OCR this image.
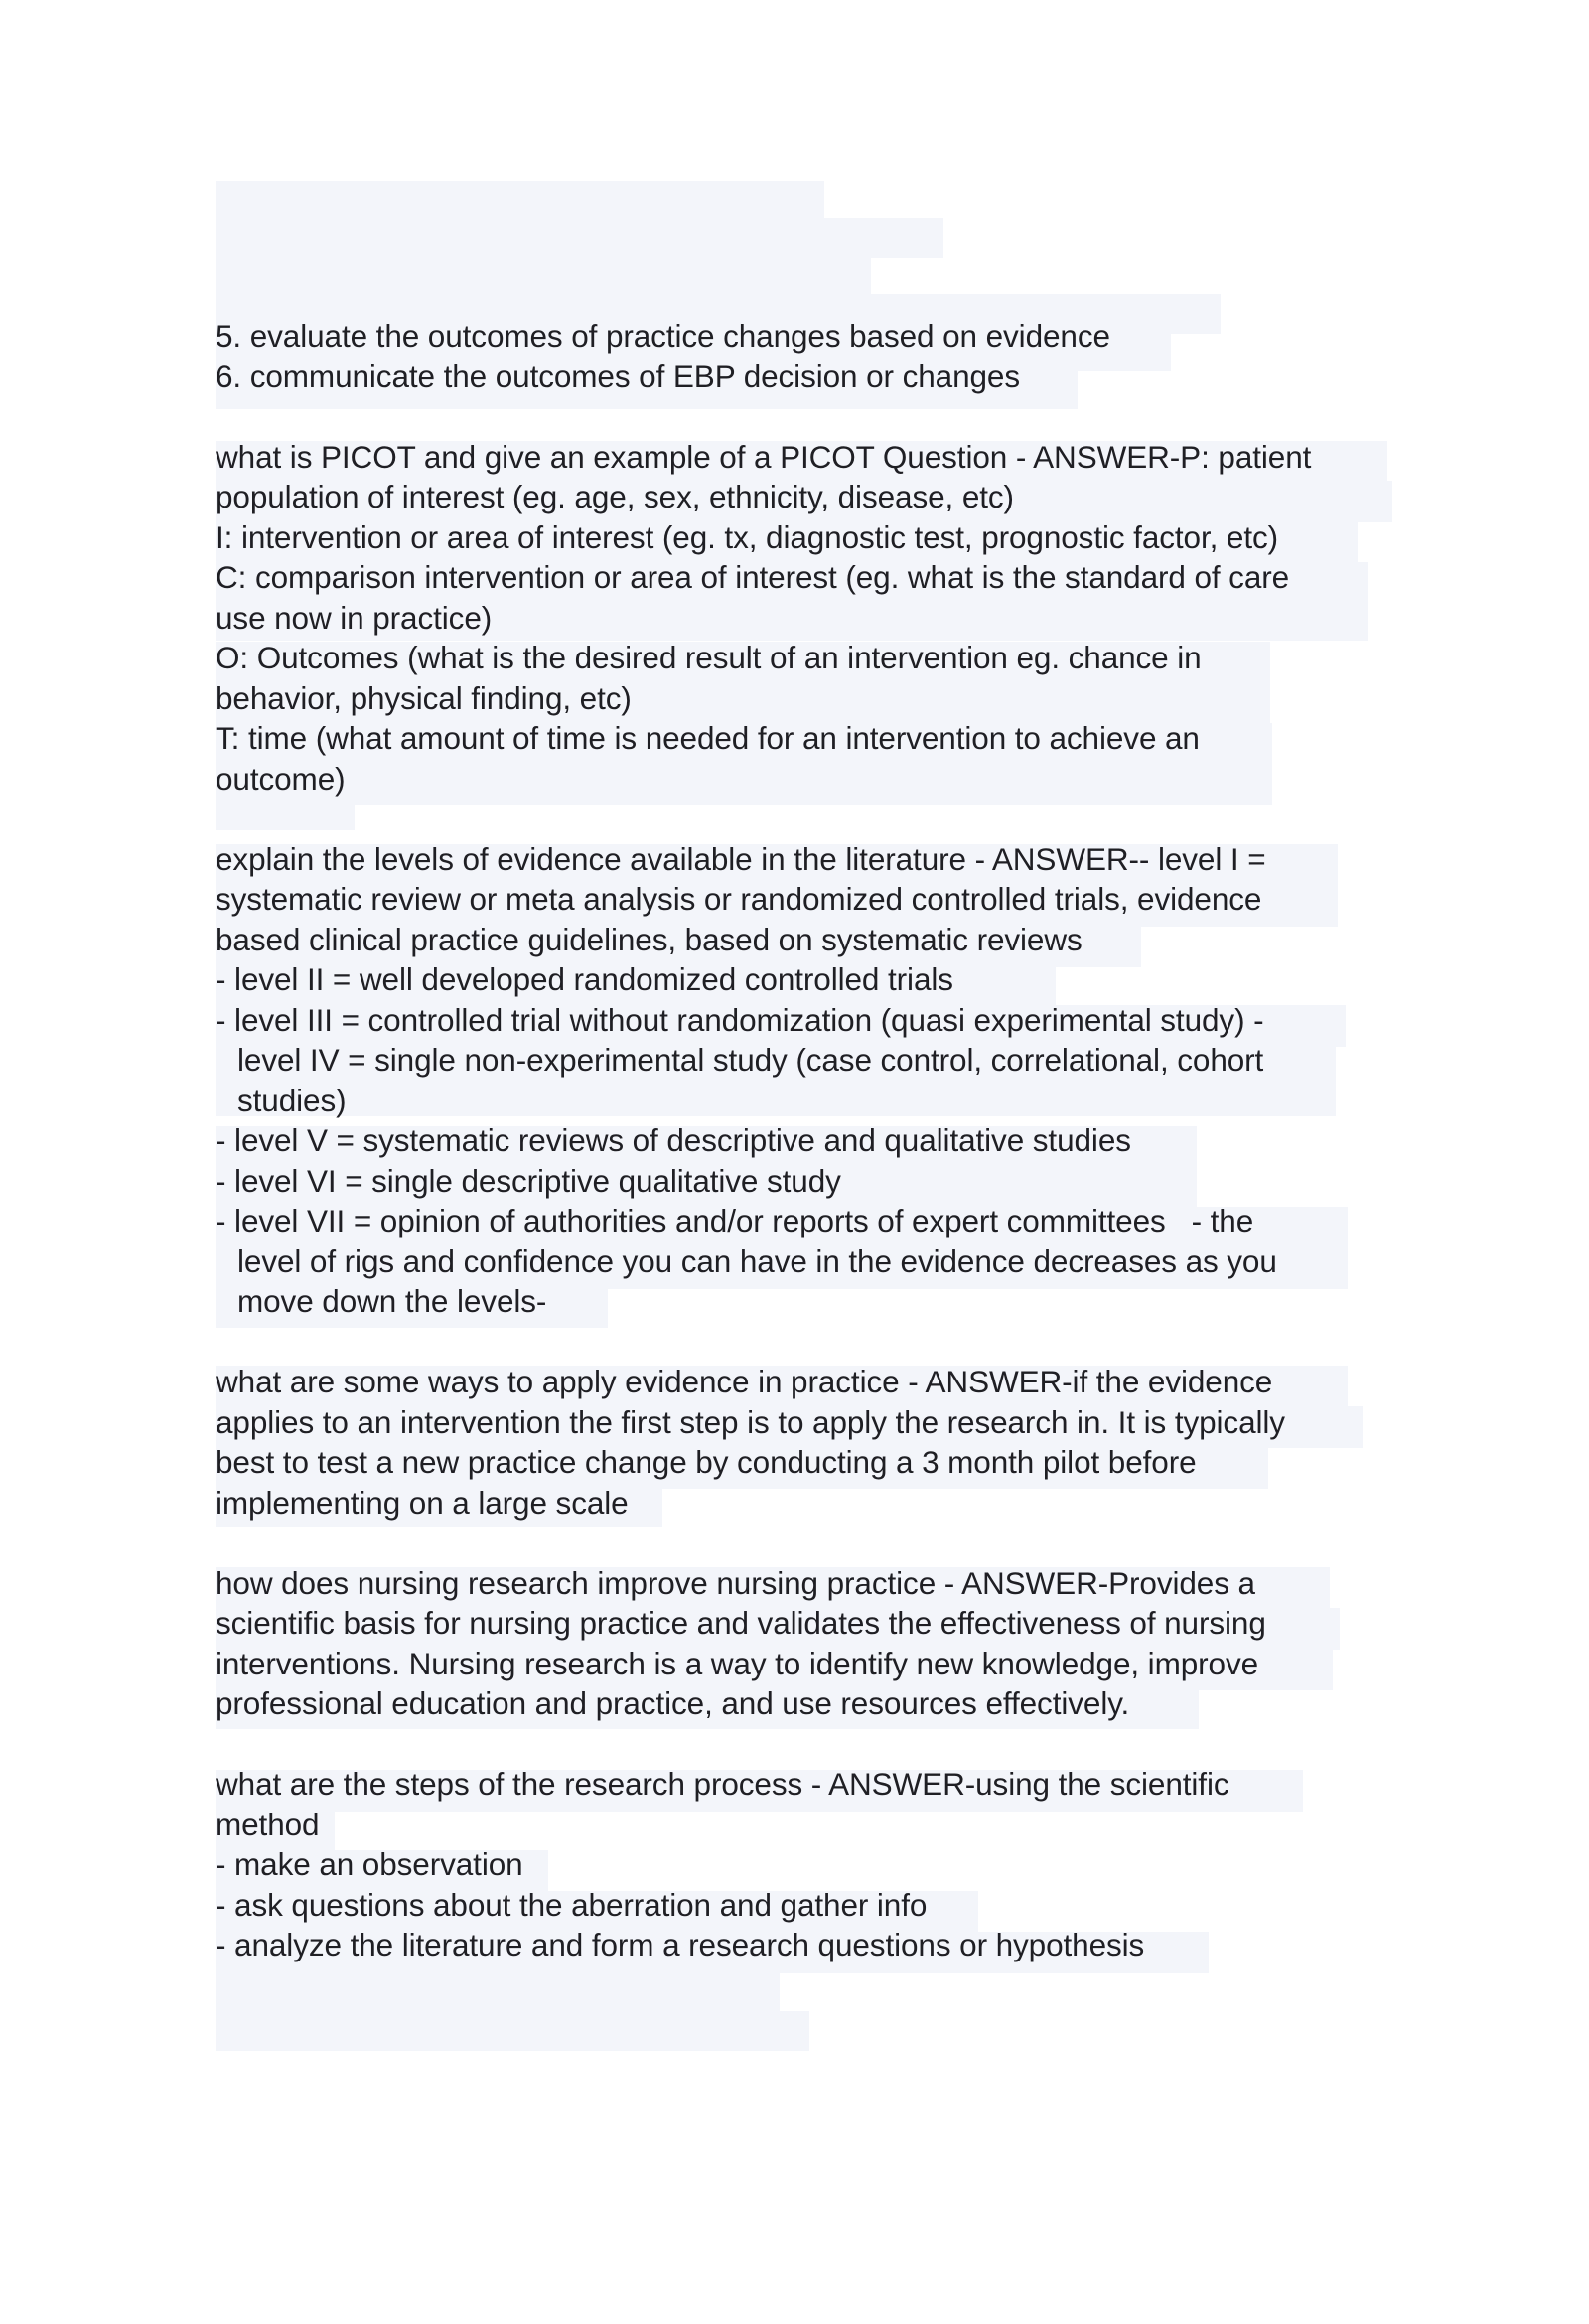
5. evaluate the outcomes of practice changes based on evidence
6. communicate the outcomes of EBP decision or changes
what is PICOT and give an example of a PICOT Question - ANSWER-P: patient
population of interest (eg. age, sex, ethnicity, disease, etc)
I: intervention or area of interest (eg. tx, diagnostic test, prognostic factor, etc)
C: comparison intervention or area of interest (eg. what is the standard of care
use now in practice)
O: Outcomes (what is the desired result of an intervention eg. chance in
behavior, physical finding, etc)
T: time (what amount of time is needed for an intervention to achieve an
outcome)
explain the levels of evidence available in the literature - ANSWER-- level I =
systematic review or meta analysis or randomized controlled trials, evidence
based clinical practice guidelines, based on systematic reviews
- level II = well developed randomized controlled trials
- level III = controlled trial without randomization (quasi experimental study) -
level IV = single non-experimental study (case control, correlational, cohort
studies)
- level V = systematic reviews of descriptive and qualitative studies
- level VI = single descriptive qualitative study
- level VII = opinion of authorities and/or reports of expert committees   - the
level of rigs and confidence you can have in the evidence decreases as you
move down the levels-
what are some ways to apply evidence in practice - ANSWER-if the evidence
applies to an intervention the first step is to apply the research in. It is typically
best to test a new practice change by conducting a 3 month pilot before
implementing on a large scale
how does nursing research improve nursing practice - ANSWER-Provides a
scientific basis for nursing practice and validates the effectiveness of nursing
interventions. Nursing research is a way to identify new knowledge, improve
professional education and practice, and use resources effectively.
what are the steps of the research process - ANSWER-using the scientific
method
- make an observation
- ask questions about the aberration and gather info
- analyze the literature and form a research questions or hypothesis
